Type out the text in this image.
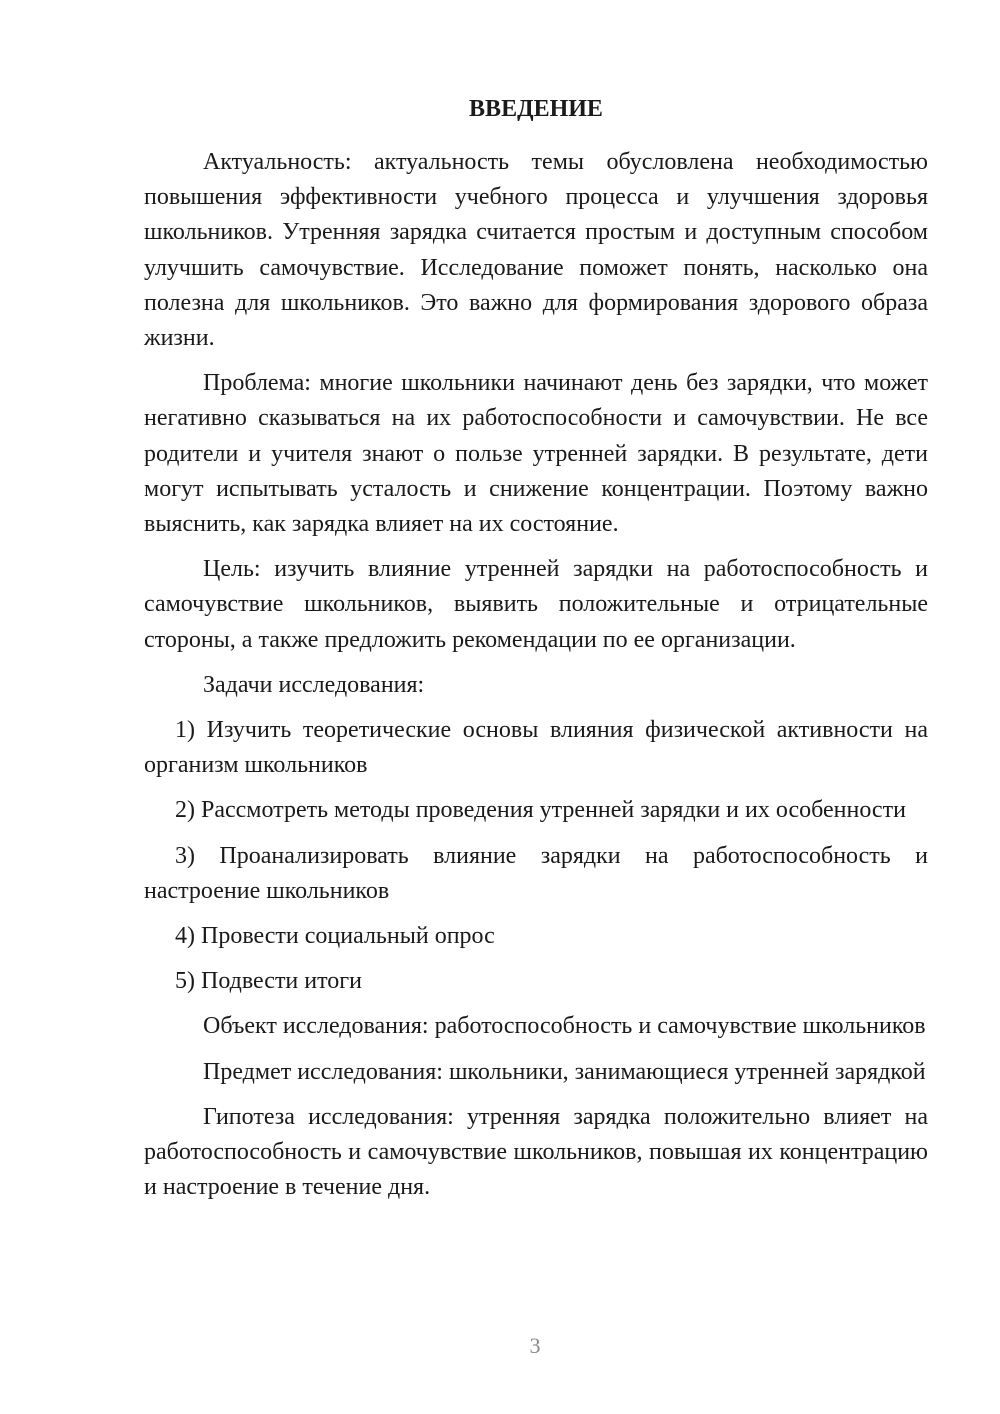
ВВЕДЕНИЕ

Актуальность: актуальность темы обусловлена необходимостью повышения эффективности учебного процесса и улучшения здоровья школьников. Утренняя зарядка считается простым и доступным способом улучшить самочувствие. Исследование поможет понять, насколько она полезна для школьников. Это важно для формирования здорового образа жизни.

Проблема: многие школьники начинают день без зарядки, что может негативно сказываться на их работоспособности и самочувствии. Не все родители и учителя знают о пользе утренней зарядки. В результате, дети могут испытывать усталость и снижение концентрации. Поэтому важно выяснить, как зарядка влияет на их состояние.

Цель: изучить влияние утренней зарядки на работоспособность и самочувствие школьников, выявить положительные и отрицательные стороны, а также предложить рекомендации по ее организации.

Задачи исследования:

1) Изучить теоретические основы влияния физической активности на организм школьников

2) Рассмотреть методы проведения утренней зарядки и их особенности

3) Проанализировать влияние зарядки на работоспособность и настроение школьников

4) Провести социальный опрос

5) Подвести итоги

Объект исследования: работоспособность и самочувствие школьников

Предмет исследования: школьники, занимающиеся утренней зарядкой

Гипотеза исследования: утренняя зарядка положительно влияет на работоспособность и самочувствие школьников, повышая их концентрацию и настроение в течение дня.

3
